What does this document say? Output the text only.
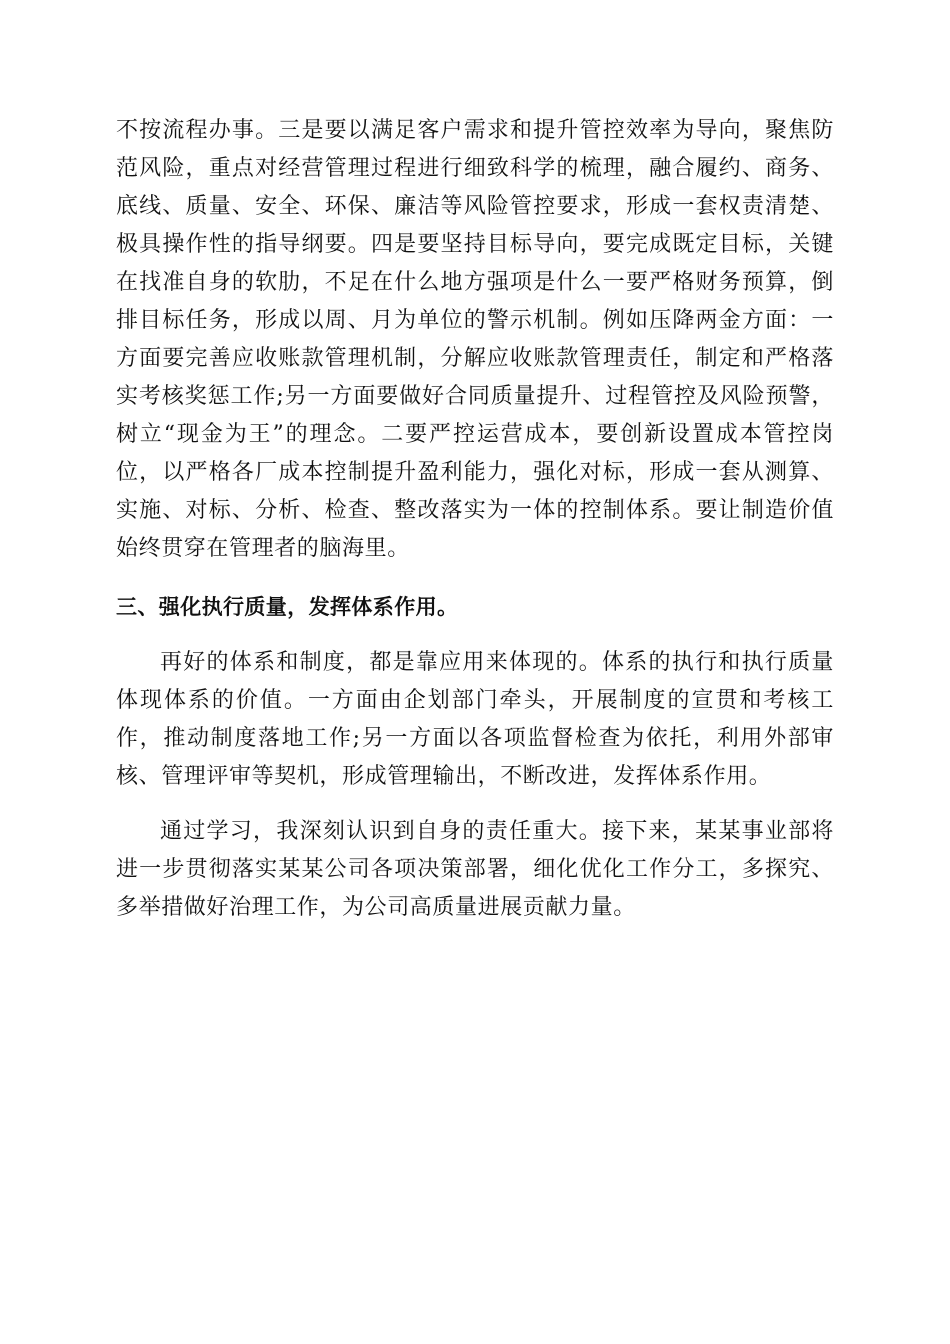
不按流程办事。三是要以满足客户需求和提升管控效率为导向，聚焦防范风险，重点对经营管理过程进行细致科学的梳理，融合履约、商务、底线、质量、安全、环保、廉洁等风险管控要求，形成一套权责清楚、极具操作性的指导纲要。四是要坚持目标导向，要完成既定目标，关键在找准自身的软肋，不足在什么地方强项是什么一要严格财务预算，倒排目标任务，形成以周、月为单位的警示机制。例如压降两金方面：一方面要完善应收账款管理机制，分解应收账款管理责任，制定和严格落实考核奖惩工作;另一方面要做好合同质量提升、过程管控及风险预警，树立“现金为王”的理念。二要严控运营成本，要创新设置成本管控岗位，以严格各厂成本控制提升盈利能力，强化对标，形成一套从测算、实施、对标、分析、检查、整改落实为一体的控制体系。要让制造价值始终贯穿在管理者的脑海里。
三、强化执行质量，发挥体系作用。
再好的体系和制度，都是靠应用来体现的。体系的执行和执行质量体现体系的价值。一方面由企划部门牵头，开展制度的宣贯和考核工作，推动制度落地工作;另一方面以各项监督检查为依托，利用外部审核、管理评审等契机，形成管理输出，不断改进，发挥体系作用。
通过学习，我深刻认识到自身的责任重大。接下来，某某事业部将进一步贯彻落实某某公司各项决策部署，细化优化工作分工，多探究、多举措做好治理工作，为公司高质量进展贡献力量。
